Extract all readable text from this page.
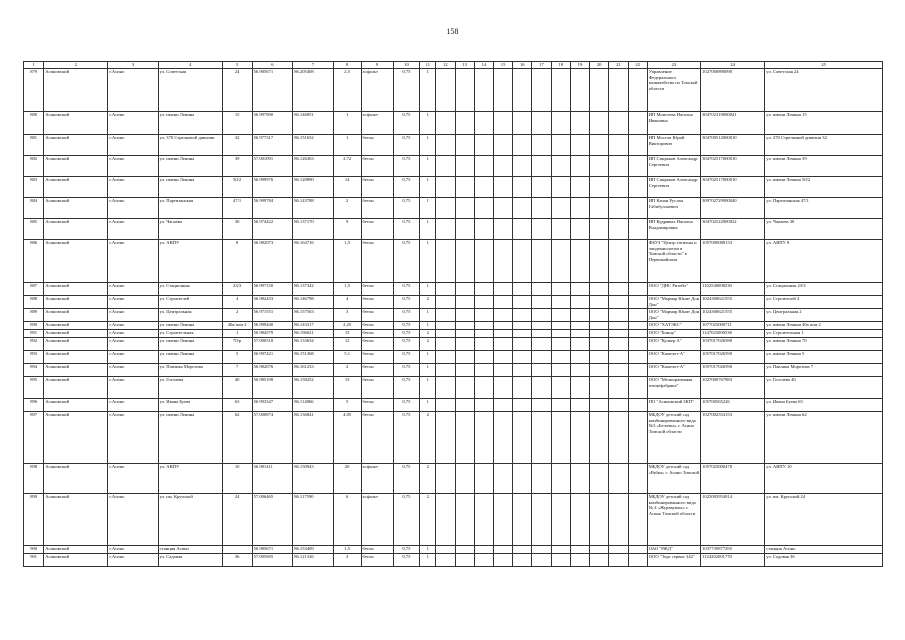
158
1	2	3	4	5	6	7	8	9	10	11	12	13	14	15	16	17	18	19	20	21	22	23	24	25
879	Асиновский	г.Асино	ул. Советская	24	56.985671	86.205408	2,5	асфальт	0,75	1												Управление Федерального казначейства по Томской области	1027000890090	ул. Советская 24
880	Асиновский	г.Асино	ул. имени Ленина	15	56.997900	86.146851	1	асфальт	0,75	1												ИП Моисеева Наталья Ивановна	304702319000041	ул. имени Ленина 15
881	Асиновский	г.Асино	ул. 370 Стрелковой дивизии	32	56.977317	86.151652	1	бетон	0,75	1												ИП Мостов Юрий Викторович	304700512000010	ул. 370 Стрелковой дивизии 32
882	Асиновский	г.Асино	ул. имени Ленина	39	57.001091	86.126363	2,72	бетон	0,75	1												ИП Спирьков Александр Сергеевич	304702517000010	ул. имени Ленина 39
883	Асиновский	г.Асино	ул. имени Ленина	50/2	56.999976	86.128890	14	бетон	0,75	1												ИП Спирьков Александр Сергеевич	304702517000010	ул. имени Ленина 50/2
884	Асиновский	г.Асино	ул. Партизанская	47/1	56.999784	86.143788	2	бетон	0,75	1												ИП Качан Руслан Габибуллаевич	309702729900040	ул. Партизанская 47/1
885	Асиновский	г.Асино	ул. Чапаева	30	56.974422	86.137170	9	бетон	0,75	1												ИП Кудрявых Наталья Владимировна	304702522900022	ул. Чапаева 30
886	Асиновский	г.Асино	ул. АВПУ	8	56.982073	86.164716	1,5	бетон	0,75	1												ФБУЗ "Центр гигиены и эпидемиологии в Томской области" в Первомайском	1057000088133	ул. АВПУ 8
887	Асиновский	г.Асино	ул. Стационная	23/3	56.997150	86.137342	1,5	бетон	0,75	1												ООО "ДНС Ритейл"	1102540008230	ул. Стационная 23/3
888	Асиновский	г.Асино	ул. Строителей	4	56.982433	86.146798	4	бетон	0,75	2												ООО "Мармар Юнит Дон Дон"	1024300621555	ул. Строителей 4
889	Асиновский	г.Асино	ул. Центральная	2	56.971551	86.157563	3	бетон	0,75	1												ООО "Мармар Юнит Дон Дон"	1024300621555	ул. Центральная 2
890	Асиновский	г.Асино	ул. имени Ленина	40а/пом 2	56.999440	86.143317	2,25	бетон	0,75	1												ООО "ХАТЭКС"	1077025000711	ул. имени Ленина 40а пом 2
891	Асиновский	г.Асино	ул. Строительная	1	56.984579	86.196021	15	бетон	0,75	2												ООО "Бинор"	1147025000538	ул. Строительная 1
892	Асиновский	г.Асино	ул. имени Ленина	70/р	57.000518	86.133634	12	бетон	0,75	2												ООО "Кулкер А"	1037017026580	ул. имени Ленина 70
893	Асиновский	г.Асино	ул. имени Ленина	5	56.997421	86.151368	5,1	бетон	0,75	1												ООО "Камелот-А"	1057017026590	ул. имени Ленина 5
894	Асиновский	г.Асино	ул. Павлика Морозова	7	56.982076	86.161233	2	бетон	0,75	1												ООО "Камелот-А"	1057017026590	ул. Павлика Морозова 7
895	Асиновский	г.Асино	ул. Гоголева	40	56.985198	86.158252	15	бетон	0,75	1												ООО "Мелиоративная птицефабрика"	1027000767883	ул. Гоголева 40
896	Асиновский	г.Асино	ул. Ивана Буева	63	56.993347	86.114866	5	бетон	0,75	1												ПО "Асиновский ЗКП"	105700565226	ул. Ивана Буева 63
897	Асиновский	г.Асино	ул. имени Ленина	62	57.000874	86.136841	4,05	бетон	0,75	2												МБДОУ детский сад комбинированного вида №3 «Белочка» г. Асино Томской области	1027002554153	ул. имени Ленина 62
898	Асиновский	г.Асино	ул. АВПУ	10	56.981411	86.150943	20	асфальт	0,75	2												МБДОУ детский сад «Рябка» г. Асино Томской	1057025000478	ул. АВПУ 10
899	Асиновский	г.Асино	ул. им. Крупской	24	57.006465	86.117590	6	асфальт	0,75	2												МБДОУ детский сад комбинированного вида № 4 «Журавушка» г. Асино Томской области	1025005954014	ул. им. Крупской 24
900	Асиновский	г.Асино	станция Асино		56.985671	86.153409	1,5	бетон	0,75	1												ОАО "РЖД"	1037739877295	станция Асино
901	Асиновский	г.Асино	ул. Садовая	36	57.005695	86.121326	3	бетон	0,75	1												ООО "Торг сервис 342"	1124202001770	ул. Садовая 36
